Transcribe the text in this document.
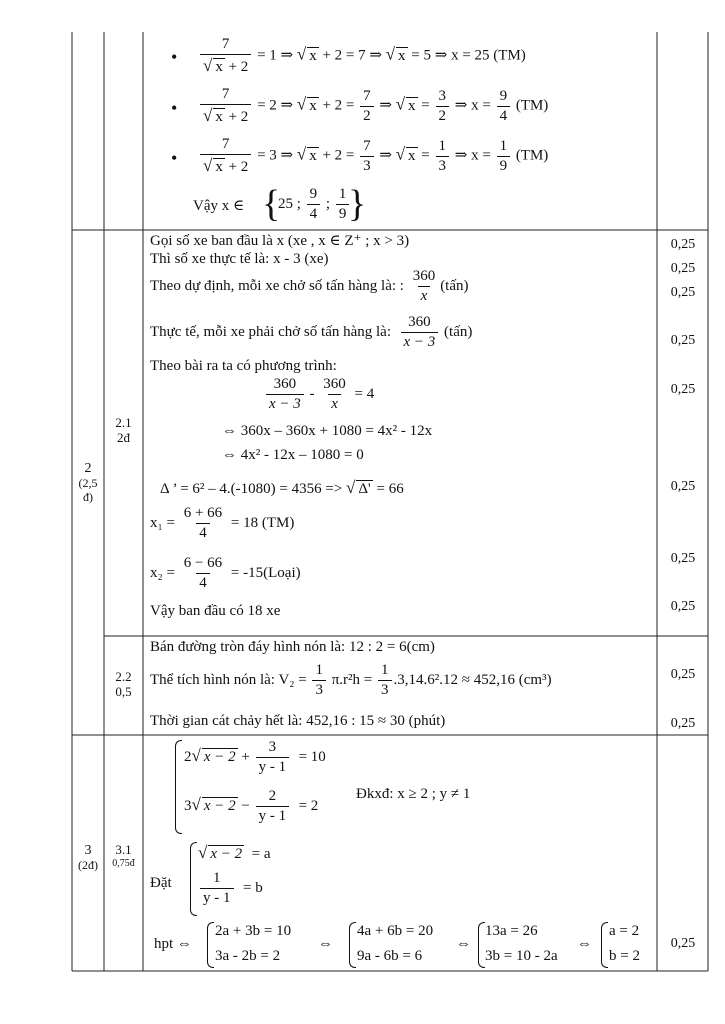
• $\frac{7}{√ x + 2} = 1$ ⇒ √ x + 2 = 7 ⇒ √ x = 5 ⇒ x = 25 (TM)
• $\frac{7}{√ x + 2} = 2$ ⇒ √ $x + 2 = \frac{7}{2}$ ⇒ √ $x = \frac{3}{2}$ ⇒ $x = \frac{9}{4} (TM)$
• $\frac{7}{√ x + 2} = 3$ ⇒ √ $x + 2 = \frac{7}{3}$ ⇒ √ $x = \frac{1}{3}$ ⇒ $x = \frac{1}{9} (TM)$
Vậy x ∈ {
25 ; $\frac{9}{4}$ ; $\frac{1}{9}$
}
2
(2,5
đ)
2.1
2đ
2.2
0,5
Gọi số xe ban đầu là x (xe , x ∈ Z⁺ ; x > 3)
Thì số xe thực tế là: x - 3 (xe)
Theo dự định, mỗi xe chở số tấn hàng là: : $\frac{360}{x}$ (tấn)
Thực tế, mỗi xe phải chở số tấn hàng là: $\frac{360}{x - 3}$ (tấn)
Theo bài ra ta có phương trình:
$\frac{360}{x - 3} - \frac{360}{x} = 4$
⇔ 360x – 360x + 1080 = 4x² - 12x
⇔ 4x² - 12x – 1080 = 0
Δ ’ = 6² – 4.(-1080) = 4356 => √ Δ' = 66
$x_1 = \frac{6 + 66}{4} = 18$ (TM)
$x_2 = \frac{6 - 66}{4}$ = -15(Loại)
Vậy ban đầu có 18 xe
Bán đường tròn đáy hình nón là: 12 : 2 = 6(cm)
Thể tích hình nón là: $V_2 = \frac{1}{3} \pi.r^2h = \frac{1}{3} .3,14.6^2.12 \approx 452,16$ (cm³)
Thời gian cát chảy hết là: 452,16 : 15 ≈ 30 (phút)
3
(2đ)
3.1
0,75đ
2√ $x - 2 + \frac{3}{y - 1} = 10$
3√ $x - 2 - \frac{2}{y - 1} = 2$
Đkxđ: x ≥ 2 ; y ≠ 1
Đặt
√ x − 2 = a
$\frac{1}{y - 1} = b$
hpt ⇔
2a + 3b = 10
3a - 2b = 2
⇔
4a + 6b = 20
9a - 6b = 6
⇔
13a = 26
3b = 10 - 2a
⇔
a = 2
b = 2
0,25
0,25
0,25
0,25
0,25
0,25
0,25
0,25
0,25
0,25
0,25
